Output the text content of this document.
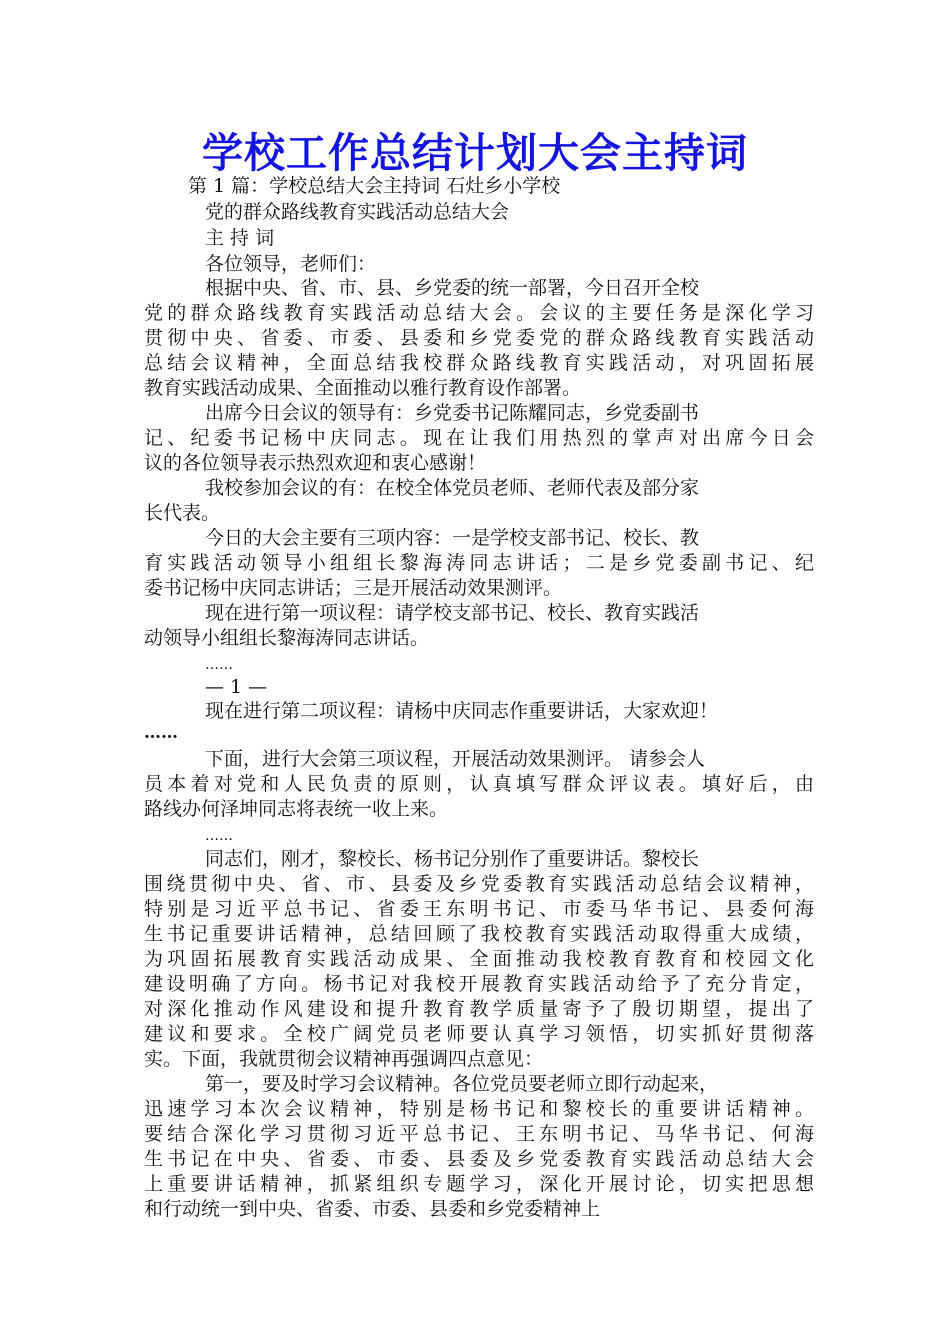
学校工作总结计划大会主持词
第 1 篇：学校总结大会主持词 石灶乡小学校
党的群众路线教育实践活动总结大会
主 持 词
各位领导，老师们：
根据中央、省、市、县、乡党委的统一部署，今日召开全校
党的群众路线教育实践活动总结大会。会议的主要任务是深化学习
贯彻中央、省委、市委、县委和乡党委党的群众路线教育实践活动
总结会议精神，全面总结我校群众路线教育实践活动，对巩固拓展
教育实践活动成果、全面推动以雅行教育设作部署。
出席今日会议的领导有：乡党委书记陈耀同志，乡党委副书
记、纪委书记杨中庆同志。现在让我们用热烈的掌声对出席今日会
议的各位领导表示热烈欢迎和衷心感谢！
我校参加会议的有：在校全体党员老师、老师代表及部分家
长代表。
今日的大会主要有三项内容：一是学校支部书记、校长、教
育实践活动领导小组组长黎海涛同志讲话；二是乡党委副书记、纪
委书记杨中庆同志讲话；三是开展活动效果测评。
现在进行第一项议程：请学校支部书记、校长、教育实践活
动领导小组组长黎海涛同志讲话。
……
— 1 —
现在进行第二项议程：请杨中庆同志作重要讲话，大家欢迎！
……
下面，进行大会第三项议程，开展活动效果测评。 请参会人
员本着对党和人民负责的原则，认真填写群众评议表。填好后，由
路线办何泽坤同志将表统一收上来。
……
同志们，刚才，黎校长、杨书记分别作了重要讲话。黎校长
围绕贯彻中央、省、市、县委及乡党委教育实践活动总结会议精神，
特别是习近平总书记、省委王东明书记、市委马华书记、县委何海
生书记重要讲话精神，总结回顾了我校教育实践活动取得重大成绩，
为巩固拓展教育实践活动成果、全面推动我校教育教育和校园文化
建设明确了方向。杨书记对我校开展教育实践活动给予了充分肯定，
对深化推动作风建设和提升教育教学质量寄予了殷切期望，提出了
建议和要求。全校广阔党员老师要认真学习领悟，切实抓好贯彻落
实。下面，我就贯彻会议精神再强调四点意见：
第一，要及时学习会议精神。各位党员要老师立即行动起来，
迅速学习本次会议精神，特别是杨书记和黎校长的重要讲话精神。
要结合深化学习贯彻习近平总书记、王东明书记、马华书记、何海
生书记在中央、省委、市委、县委及乡党委教育实践活动总结大会
上重要讲话精神，抓紧组织专题学习，深化开展讨论，切实把思想
和行动统一到中央、省委、市委、县委和乡党委精神上
